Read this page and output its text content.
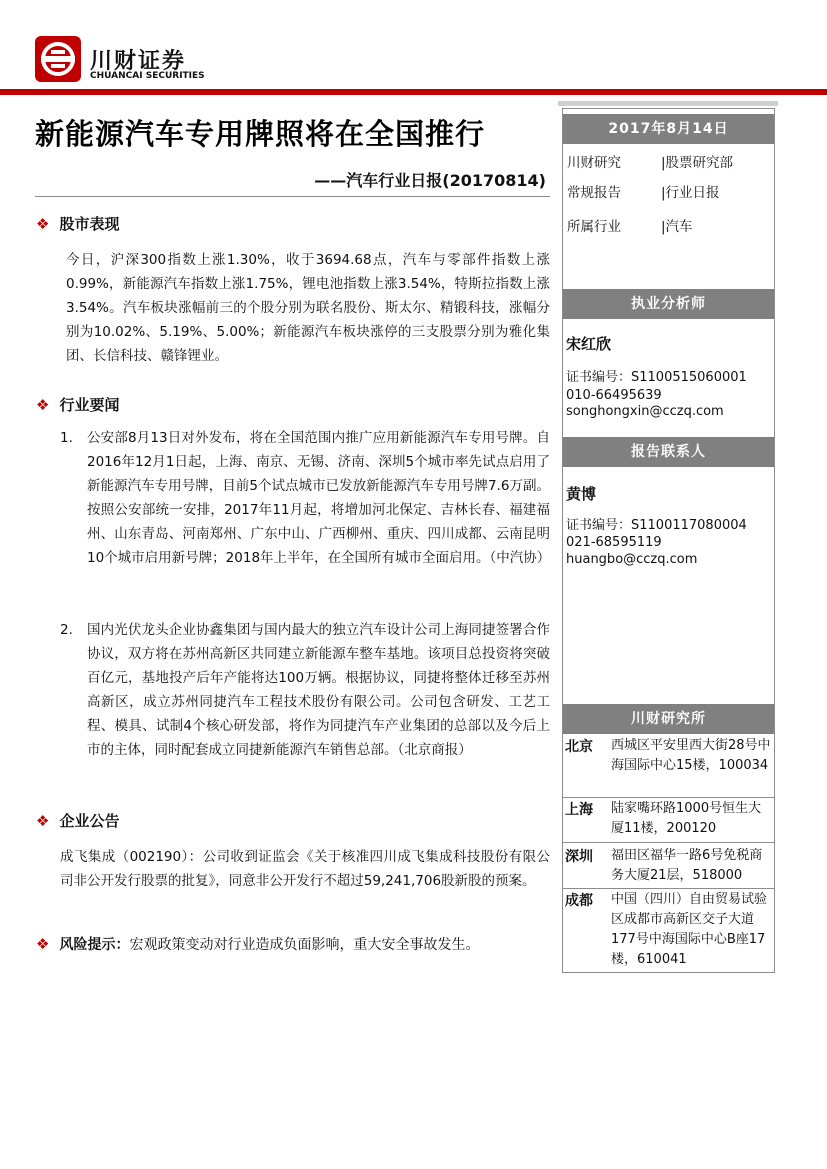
川财证券
CHUANCAI SECURITIES
新能源汽车专用牌照将在全国推行
——汽车行业日报(20170814)
2017年8月14日
川财研究	|股票研究部
常规报告	|行业日报
所属行业	|汽车
执业分析师
宋红欣
证书编号：S1100515060001
010-66495639
songhongxin@cczq.com
报告联系人
黄博
证书编号：S1100117080004
021-68595119
huangbo@cczq.com
川财研究所
北京 西城区平安里西大街28号中海国际中心15楼，100034
上海 陆家嘴环路1000号恒生大厦11楼，200120
深圳 福田区福华一路6号免税商务大厦21层，518000
成都 中国（四川）自由贸易试验区成都市高新区交子大道177号中海国际中心B座17楼，610041
❖ 股市表现
今日，沪深300指数上涨1.30%，收于3694.68点，汽车与零部件指数上涨0.99%，新能源汽车指数上涨1.75%，锂电池指数上涨3.54%，特斯拉指数上涨3.54%。汽车板块涨幅前三的个股分别为联名股份、斯太尔、精锻科技，涨幅分别为10.02%、5.19%、5.00%；新能源汽车板块涨停的三支股票分别为雅化集团、长信科技、赣锋锂业。
❖ 行业要闻
1. 公安部8月13日对外发布，将在全国范围内推广应用新能源汽车专用号牌。自2016年12月1日起，上海、南京、无锡、济南、深圳5个城市率先试点启用了新能源汽车专用号牌，目前5个试点城市已发放新能源汽车专用号牌7.6万副。按照公安部统一安排，2017年11月起，将增加河北保定、吉林长春、福建福州、山东青岛、河南郑州、广东中山、广西柳州、重庆、四川成都、云南昆明10个城市启用新号牌；2018年上半年，在全国所有城市全面启用。（中汽协）
2. 国内光伏龙头企业协鑫集团与国内最大的独立汽车设计公司上海同捷签署合作协议，双方将在苏州高新区共同建立新能源车整车基地。该项目总投资将突破百亿元，基地投产后年产能将达100万辆。根据协议，同捷将整体迁移至苏州高新区，成立苏州同捷汽车工程技术股份有限公司。公司包含研发、工艺工程、模具、试制4个核心研发部，将作为同捷汽车产业集团的总部以及今后上市的主体，同时配套成立同捷新能源汽车销售总部。（北京商报）
❖ 企业公告
成飞集成（002190）：公司收到证监会《关于核准四川成飞集成科技股份有限公司非公开发行股票的批复》，同意非公开发行不超过59,241,706股新股的预案。
❖ 风险提示：宏观政策变动对行业造成负面影响，重大安全事故发生。
